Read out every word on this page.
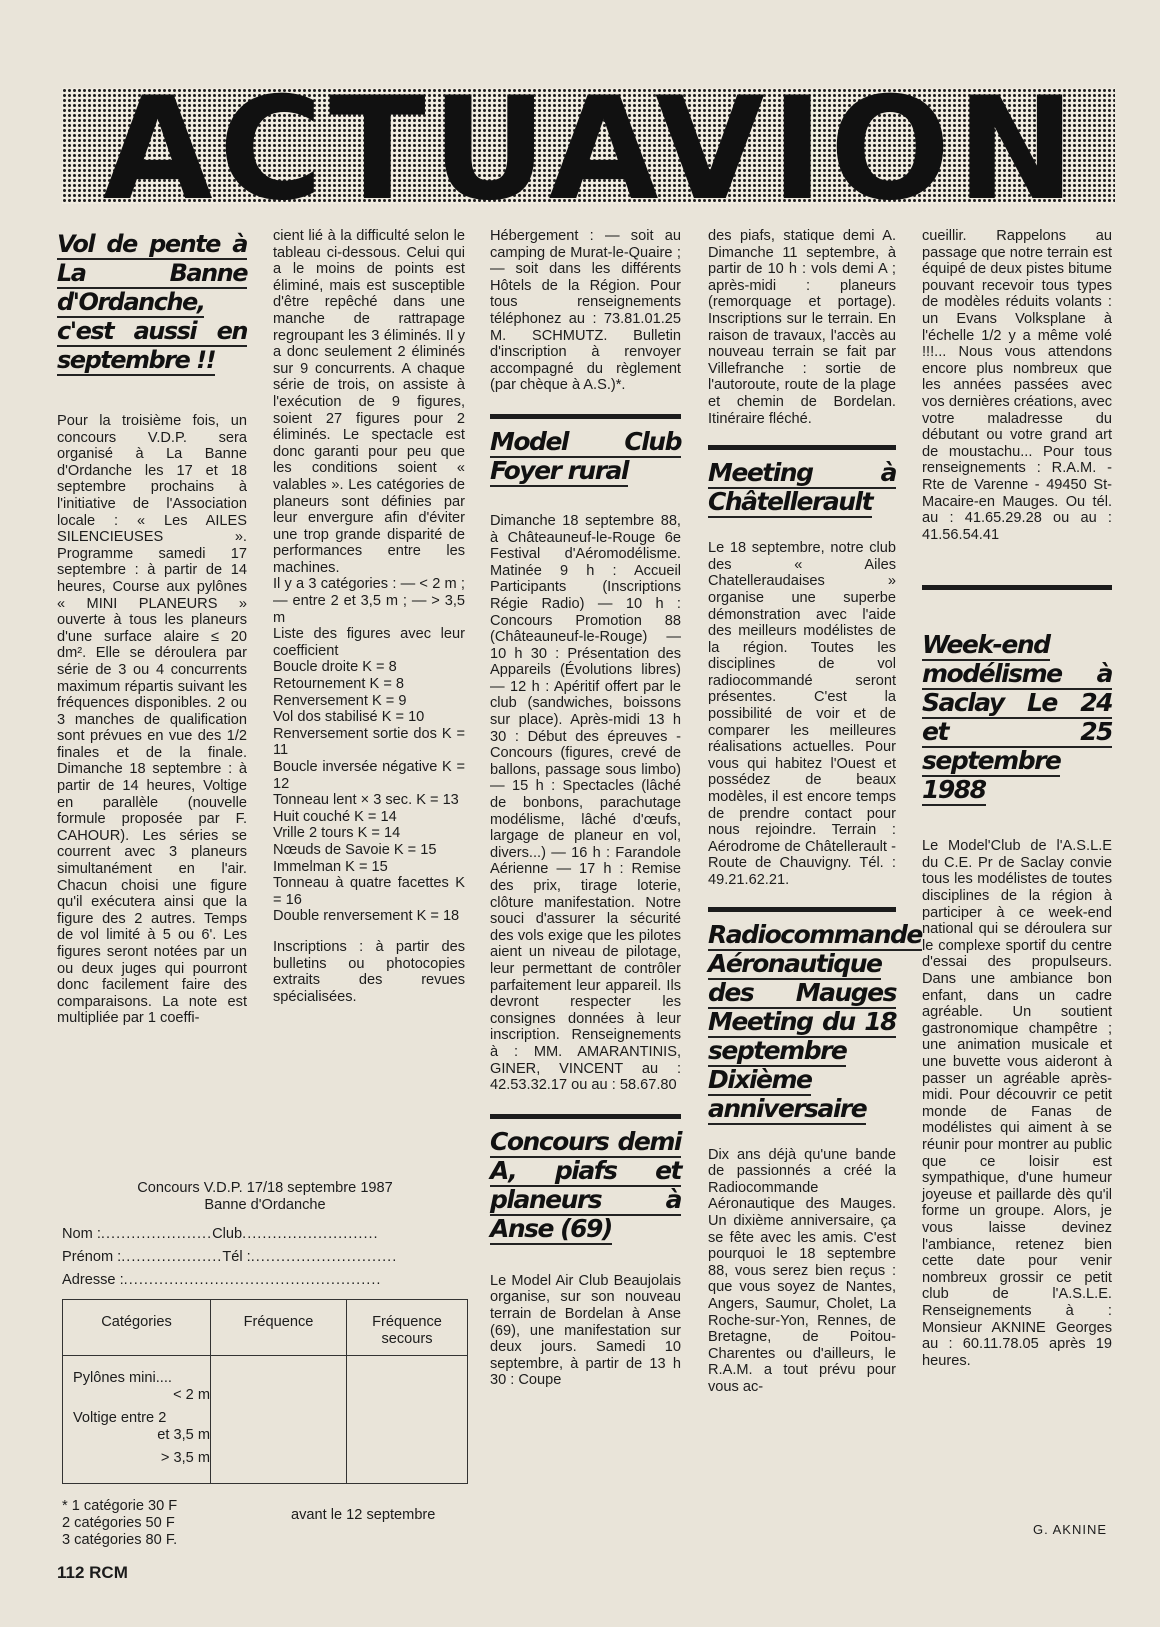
ACTUAVION
Vol de pente à La Banne d'Ordanche, c'est aussi en septembre !!

Pour la troisième fois, un concours V.D.P. sera organisé à La Banne d'Ordanche les 17 et 18 septembre prochains à l'initiative de l'Association locale : « Les AILES SILENCIEUSES ». Programme samedi 17 septembre : à partir de 14 heures, Course aux pylônes « MINI PLANEURS » ouverte à tous les planeurs d'une surface alaire ≤ 20 dm². Elle se déroulera par série de 3 ou 4 concurrents maximum répartis suivant les fréquences disponibles. 2 ou 3 manches de qualification sont prévues en vue des 1/2 finales et de la finale. Dimanche 18 septembre : à partir de 14 heures, Voltige en parallèle (nouvelle formule proposée par F. CAHOUR). Les séries se courrent avec 3 planeurs simultanément en l'air. Chacun choisi une figure qu'il exécutera ainsi que la figure des 2 autres. Temps de vol limité à 5 ou 6'. Les figures seront notées par un ou deux juges qui pourront donc facilement faire des comparaisons. La note est multipliée par 1 coeffi-

cient lié à la difficulté selon le tableau ci-dessous. Celui qui a le moins de points est éliminé, mais est susceptible d'être repêché dans une manche de rattrapage regroupant les 3 éliminés. Il y a donc seulement 2 éliminés sur 9 concurrents. A chaque série de trois, on assiste à l'exécution de 9 figures, soient 27 figures pour 2 éliminés. Le spectacle est donc garanti pour peu que les conditions soient « valables ». Les catégories de planeurs sont définies par leur envergure afin d'éviter une trop grande disparité de performances entre les machines.

Il y a 3 catégories : — < 2 m ; — entre 2 et 3,5 m ; — > 3,5 m

Liste des figures avec leur coefficient

Boucle droite K = 8

Retournement K = 8

Renversement K = 9

Vol dos stabilisé K = 10

Renversement sortie dos K = 11

Boucle inversée négative K = 12

Tonneau lent × 3 sec. K = 13

Huit couché K = 14

Vrille 2 tours K = 14

Nœuds de Savoie K = 15

Immelman K = 15

Tonneau à quatre facettes K = 16

Double renversement K = 18

Inscriptions : à partir des bulletins ou photocopies extraits des revues spécialisées.

Hébergement : — soit au camping de Murat-le-Quaire ; — soit dans les différents Hôtels de la Région. Pour tous renseignements téléphonez au : 73.81.01.25 M. SCHMUTZ. Bulletin d'inscription à renvoyer accompagné du règlement (par chèque à A.S.)*.

Model Club Foyer rural

Dimanche 18 septembre 88, à Châteauneuf-le-Rouge 6e Festival d'Aéromodélisme. Matinée 9 h : Accueil Participants (Inscriptions Régie Radio) — 10 h : Concours Promotion 88 (Châteauneuf-le-Rouge) — 10 h 30 : Présentation des Appareils (Évolutions libres) — 12 h : Apéritif offert par le club (sandwiches, boissons sur place). Après-midi 13 h 30 : Début des épreuves - Concours (figures, crevé de ballons, passage sous limbo) — 15 h : Spectacles (lâché de bonbons, parachutage modélisme, lâché d'œufs, largage de planeur en vol, divers...) — 16 h : Farandole Aérienne — 17 h : Remise des prix, tirage loterie, clôture manifestation. Notre souci d'assurer la sécurité des vols exige que les pilotes aient un niveau de pilotage, leur permettant de contrôler parfaitement leur appareil. Ils devront respecter les consignes données à leur inscription. Renseignements à : MM. AMARANTINIS, GINER, VINCENT au : 42.53.32.17 ou au : 58.67.80

Concours demi A, piafs et planeurs à Anse (69)

Le Model Air Club Beaujolais organise, sur son nouveau terrain de Bordelan à Anse (69), une manifestation sur deux jours. Samedi 10 septembre, à partir de 13 h 30 : Coupe

des piafs, statique demi A. Dimanche 11 septembre, à partir de 10 h : vols demi A ; après-midi : planeurs (remorquage et portage). Inscriptions sur le terrain. En raison de travaux, l'accès au nouveau terrain se fait par Villefranche : sortie de l'autoroute, route de la plage et chemin de Bordelan. Itinéraire fléché.

Meeting à Châtellerault

Le 18 septembre, notre club des « Ailes Chatelleraudaises » organise une superbe démonstration avec l'aide des meilleurs modélistes de la région. Toutes les disciplines de vol radiocommandé seront présentes. C'est la possibilité de voir et de comparer les meilleures réalisations actuelles. Pour vous qui habitez l'Ouest et possédez de beaux modèles, il est encore temps de prendre contact pour nous rejoindre. Terrain : Aérodrome de Châtellerault - Route de Chauvigny. Tél. : 49.21.62.21.

Radiocommande Aéronautique des Mauges Meeting du 18 septembre Dixième anniversaire

Dix ans déjà qu'une bande de passionnés a créé la Radiocommande Aéronautique des Mauges. Un dixième anniversaire, ça se fête avec les amis. C'est pourquoi le 18 septembre 88, vous serez bien reçus : que vous soyez de Nantes, Angers, Saumur, Cholet, La Roche-sur-Yon, Rennes, de Bretagne, de Poitou-Charentes ou d'ailleurs, le R.A.M. a tout prévu pour vous ac-

cueillir. Rappelons au passage que notre terrain est équipé de deux pistes bitume pouvant recevoir tous types de modèles réduits volants : un Evans Volksplane à l'échelle 1/2 y a même volé !!!... Nous vous attendons encore plus nombreux que les années passées avec vos dernières créations, avec votre maladresse du débutant ou votre grand art de moustachu... Pour tous renseignements : R.A.M. - Rte de Varenne - 49450 St-Macaire-en Mauges. Ou tél. au : 41.65.29.28 ou au : 41.56.54.41

Week-end modélisme à Saclay Le 24 et 25 septembre 1988

Le Model'Club de l'A.S.L.E du C.E. Pr de Saclay convie tous les modélistes de toutes disciplines de la région à participer à ce week-end national qui se déroulera sur le complexe sportif du centre d'essai des propulseurs. Dans une ambiance bon enfant, dans un cadre agréable. Un soutient gastronomique champêtre ; une animation musicale et une buvette vous aideront à passer un agréable après-midi. Pour découvrir ce petit monde de Fanas de modélistes qui aiment à se réunir pour montrer au public que ce loisir est sympathique, d'une humeur joyeuse et paillarde dès qu'il forme un groupe. Alors, je vous laisse devinez l'ambiance, retenez bien cette date pour venir nombreux grossir ce petit club de l'A.S.L.E. Renseignements à : Monsieur AKNINE Georges au : 60.11.78.05 après 19 heures.

G. AKNINE
Concours V.D.P. 17/18 septembre 1987
Banne d'Ordanche
Nom : ...................... Club ...........................
Prénom : .................... Tél : .............................
Adresse : ...................................................
Catégories	Fréquence	Fréquence secours

Pylônes mini....
< 2 m
Voltige entre 2
et 3,5 m
> 3,5 m		

* 1 catégorie 30 F
2 catégories 50 F
3 catégories 80 F.
avant le 12 septembre
112 RCM
